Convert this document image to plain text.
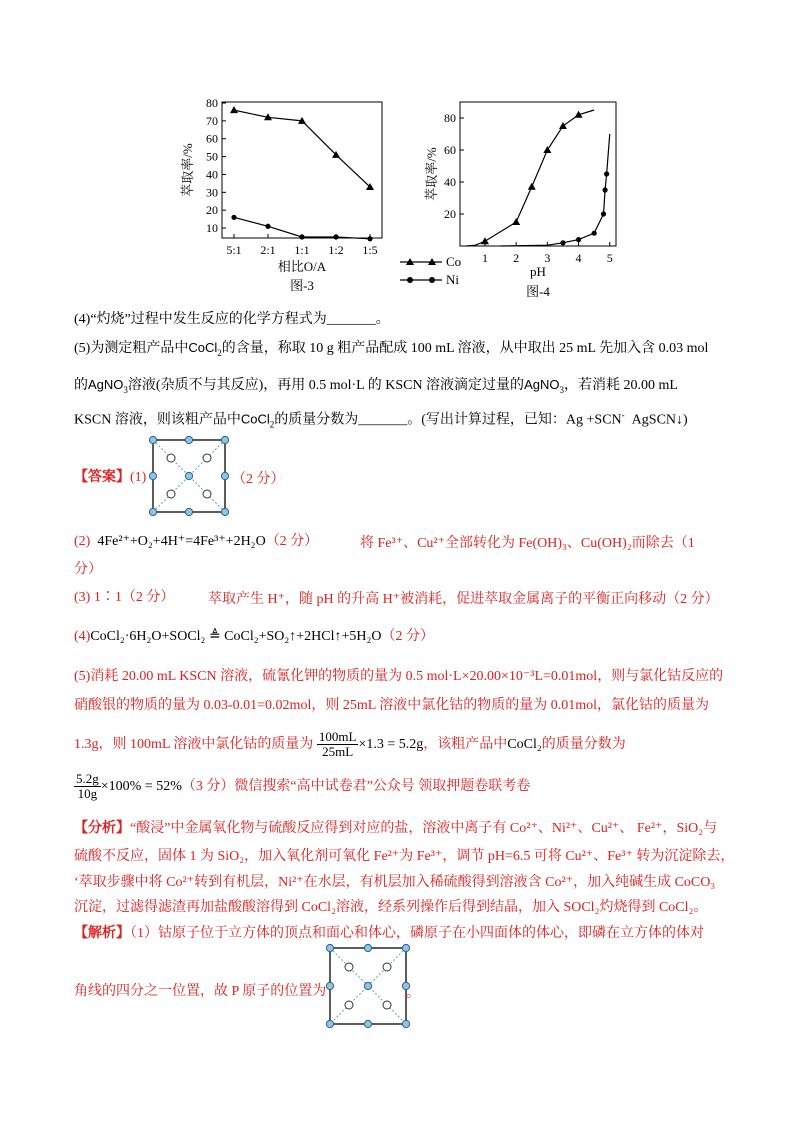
80
70
60
50
40
30
20
10
5:1 2:1 1:1 1:2 1:5
萃取率/%
相比O/A
图-3
80
60
40
20
1 2 3 4 5
萃取率/%
pH
图-4
Co
Ni
(4)“灼烧”过程中发生反应的化学方程式为_______。
(5)为测定粗产品中CoCl$_2$的含量，称取 10 g 粗产品配成 100 mL 溶液，从中取出 25 mL 先加入含 0.03 mol
的AgNO$_3$溶液(杂质不与其反应)，再用 0.5 mol·L 的 KSCN 溶液滴定过量的AgNO$_3$，若消耗 20.00 mL
KSCN 溶液，则该粗产品中CoCl$_2$的质量分数为_______。(写出计算过程，已知：Ag +SCN- AgSCN↓)
【答案】(1)	（2 分）
(2) 4Fe²⁺+O₂+4H⁺=4Fe³⁺+2H₂O（2 分）	将 Fe³⁺、Cu²⁺全部转化为 Fe(OH)₃、Cu(OH)₂而除去（1
分）
(3) 1∶1（2 分） 萃取产生 H⁺，随 pH 的升高 H⁺被消耗，促进萃取金属离子的平衡正向移动（2 分）
(4)CoCl₂·6H₂O+SOCl₂ ≜ CoCl₂+SO₂↑+2HCl↑+5H₂O（2 分）
(5)消耗 20.00 mL KSCN 溶液，硫氰化钾的物质的量为 0.5 mol·L×20.00×10⁻³L=0.01mol，则与氯化钴反应的
硝酸银的物质的量为 0.03-0.01=0.02mol，则 25mL 溶液中氯化钴的物质的量为 0.01mol，氯化钴的质量为
1.3g，则 100mL 溶液中氯化钴的质量为 $\frac{100mL}{25mL} \times 1.3 = 5.2g$，该粗产品中CoCl₂的质量分数为
$\frac{5.2g}{10g} \times 100\% = 52\%(3$ 分）微信搜索“高中试卷君”公众号 领取押题卷联考卷
【分析】“酸浸”中金属氧化物与硫酸反应得到对应的盐，溶液中离子有 Co²⁺、Ni²⁺、Cu²⁺、 Fe²⁺，SiO₂与
硫酸不反应，固体 1 为 SiO₂，加入氧化剂可氧化 Fe²⁺为 Fe³⁺，调节 pH=6.5 可将 Cu²⁺、Fe³⁺ 转为沉淀除去，
‘萃取步骤中将 Co²⁺转到有机层，Ni²⁺在水层，有机层加入稀硫酸得到溶液含 Co²⁺，加入纯碱生成 CoCO₃
沉淀，过滤得滤渣再加盐酸酸溶得到 CoCl₂溶液，经系列操作后得到结晶，加入 SOCl₂灼烧得到 CoCl₂。
【解析】（1）钴原子位于立方体的顶点和面心和体心，磷原子在小四面体的体心，即磷在立方体的体对
角线的四分之一位置，故 P 原子的位置为	。
